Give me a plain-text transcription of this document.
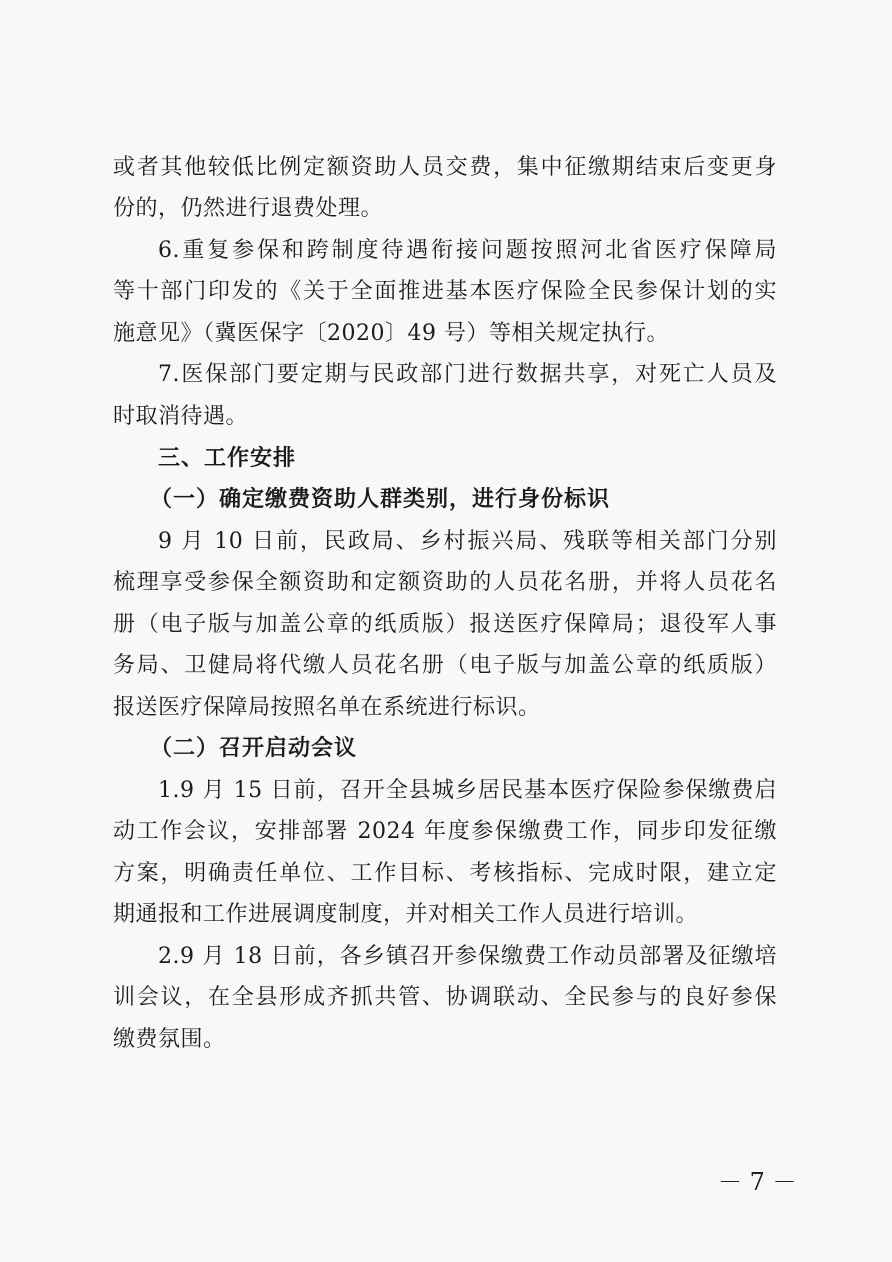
或者其他较低比例定额资助人员交费，集中征缴期结束后变更身
份的，仍然进行退费处理。
6.重复参保和跨制度待遇衔接问题按照河北省医疗保障局
等十部门印发的《关于全面推进基本医疗保险全民参保计划的实
施意见》（冀医保字〔2020〕49 号）等相关规定执行。
7.医保部门要定期与民政部门进行数据共享，对死亡人员及
时取消待遇。
三、工作安排
（一）确定缴费资助人群类别，进行身份标识
9 月 10 日前，民政局、乡村振兴局、残联等相关部门分别
梳理享受参保全额资助和定额资助的人员花名册，并将人员花名
册（电子版与加盖公章的纸质版）报送医疗保障局；退役军人事
务局、卫健局将代缴人员花名册（电子版与加盖公章的纸质版）
报送医疗保障局按照名单在系统进行标识。
（二）召开启动会议
1.9 月 15 日前，召开全县城乡居民基本医疗保险参保缴费启
动工作会议，安排部署 2024 年度参保缴费工作，同步印发征缴
方案，明确责任单位、工作目标、考核指标、完成时限，建立定
期通报和工作进展调度制度，并对相关工作人员进行培训。
2.9 月 18 日前，各乡镇召开参保缴费工作动员部署及征缴培
训会议，在全县形成齐抓共管、协调联动、全民参与的良好参保
缴费氛围。
－ 7 －
